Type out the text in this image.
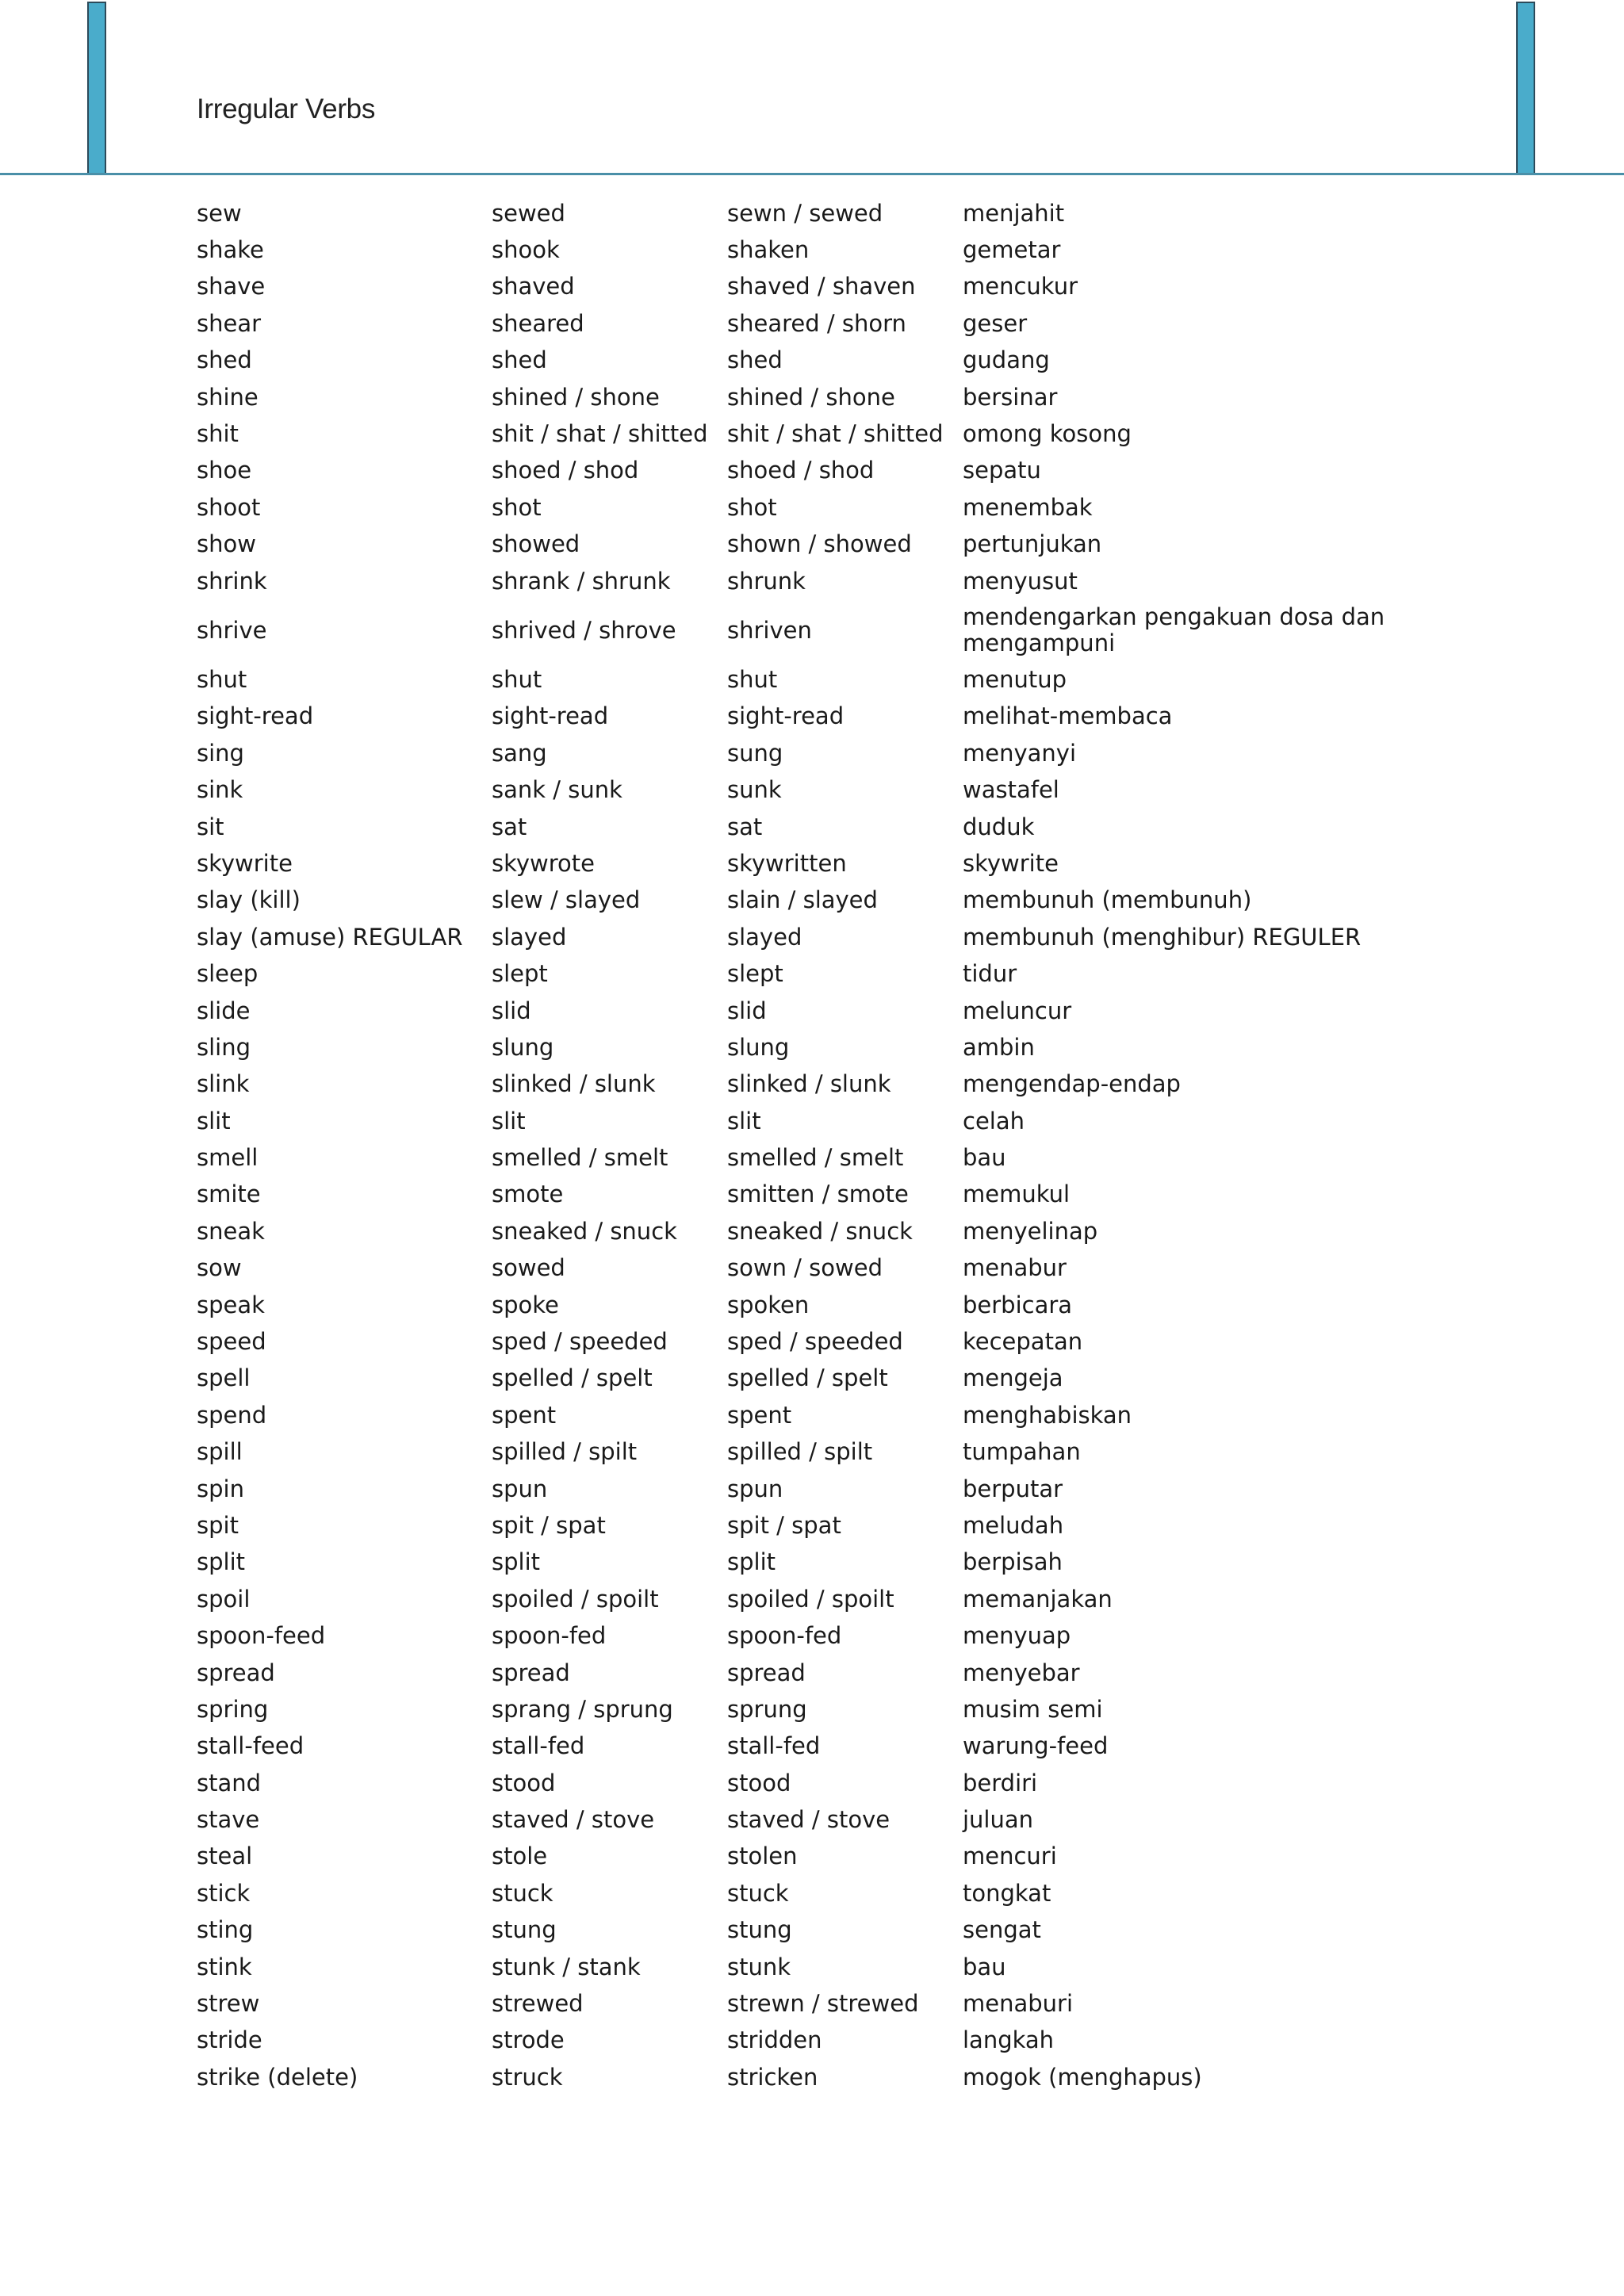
Irregular Verbs
sew	sewed	sewn / sewed	menjahit
shake	shook	shaken	gemetar
shave	shaved	shaved / shaven	mencukur
shear	sheared	sheared / shorn	geser
shed	shed	shed	gudang
shine	shined / shone	shined / shone	bersinar
shit	shit / shat / shitted	shit / shat / shitted	omong kosong
shoe	shoed / shod	shoed / shod	sepatu
shoot	shot	shot	menembak
show	showed	shown / showed	pertunjukan
shrink	shrank / shrunk	shrunk	menyusut
shrive	shrived / shrove	shriven	mendengarkan pengakuan dosa dan mengampuni
shut	shut	shut	menutup
sight-read	sight-read	sight-read	melihat-membaca
sing	sang	sung	menyanyi
sink	sank / sunk	sunk	wastafel
sit	sat	sat	duduk
skywrite	skywrote	skywritten	skywrite
slay (kill)	slew / slayed	slain / slayed	membunuh (membunuh)
slay (amuse) REGULAR	slayed	slayed	membunuh (menghibur) REGULER
sleep	slept	slept	tidur
slide	slid	slid	meluncur
sling	slung	slung	ambin
slink	slinked / slunk	slinked / slunk	mengendap-endap
slit	slit	slit	celah
smell	smelled / smelt	smelled / smelt	bau
smite	smote	smitten / smote	memukul
sneak	sneaked / snuck	sneaked / snuck	menyelinap
sow	sowed	sown / sowed	menabur
speak	spoke	spoken	berbicara
speed	sped / speeded	sped / speeded	kecepatan
spell	spelled / spelt	spelled / spelt	mengeja
spend	spent	spent	menghabiskan
spill	spilled / spilt	spilled / spilt	tumpahan
spin	spun	spun	berputar
spit	spit / spat	spit / spat	meludah
split	split	split	berpisah
spoil	spoiled / spoilt	spoiled / spoilt	memanjakan
spoon-feed	spoon-fed	spoon-fed	menyuap
spread	spread	spread	menyebar
spring	sprang / sprung	sprung	musim semi
stall-feed	stall-fed	stall-fed	warung-feed
stand	stood	stood	berdiri
stave	staved / stove	staved / stove	juluan
steal	stole	stolen	mencuri
stick	stuck	stuck	tongkat
sting	stung	stung	sengat
stink	stunk / stank	stunk	bau
strew	strewed	strewn / strewed	menaburi
stride	strode	stridden	langkah
strike (delete)	struck	stricken	mogok (menghapus)
